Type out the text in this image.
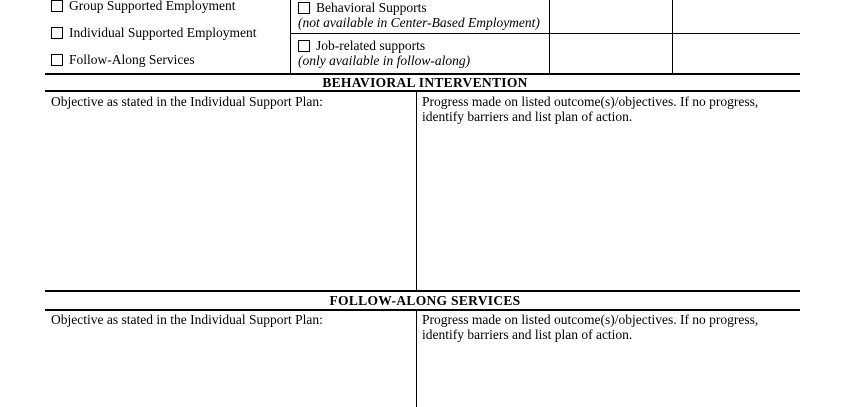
Group Supported Employment
Individual Supported Employment
Follow-Along Services
Behavioral Supports
(not available in Center-Based Employment)
Job-related supports
(only available in follow-along)
BEHAVIORAL INTERVENTION
Objective as stated in the Individual Support Plan:	Progress made on listed outcome(s)/objectives. If no progress,
identify barriers and list plan of action.
FOLLOW-ALONG SERVICES
Objective as stated in the Individual Support Plan:	Progress made on listed outcome(s)/objectives. If no progress,
identify barriers and list plan of action.
